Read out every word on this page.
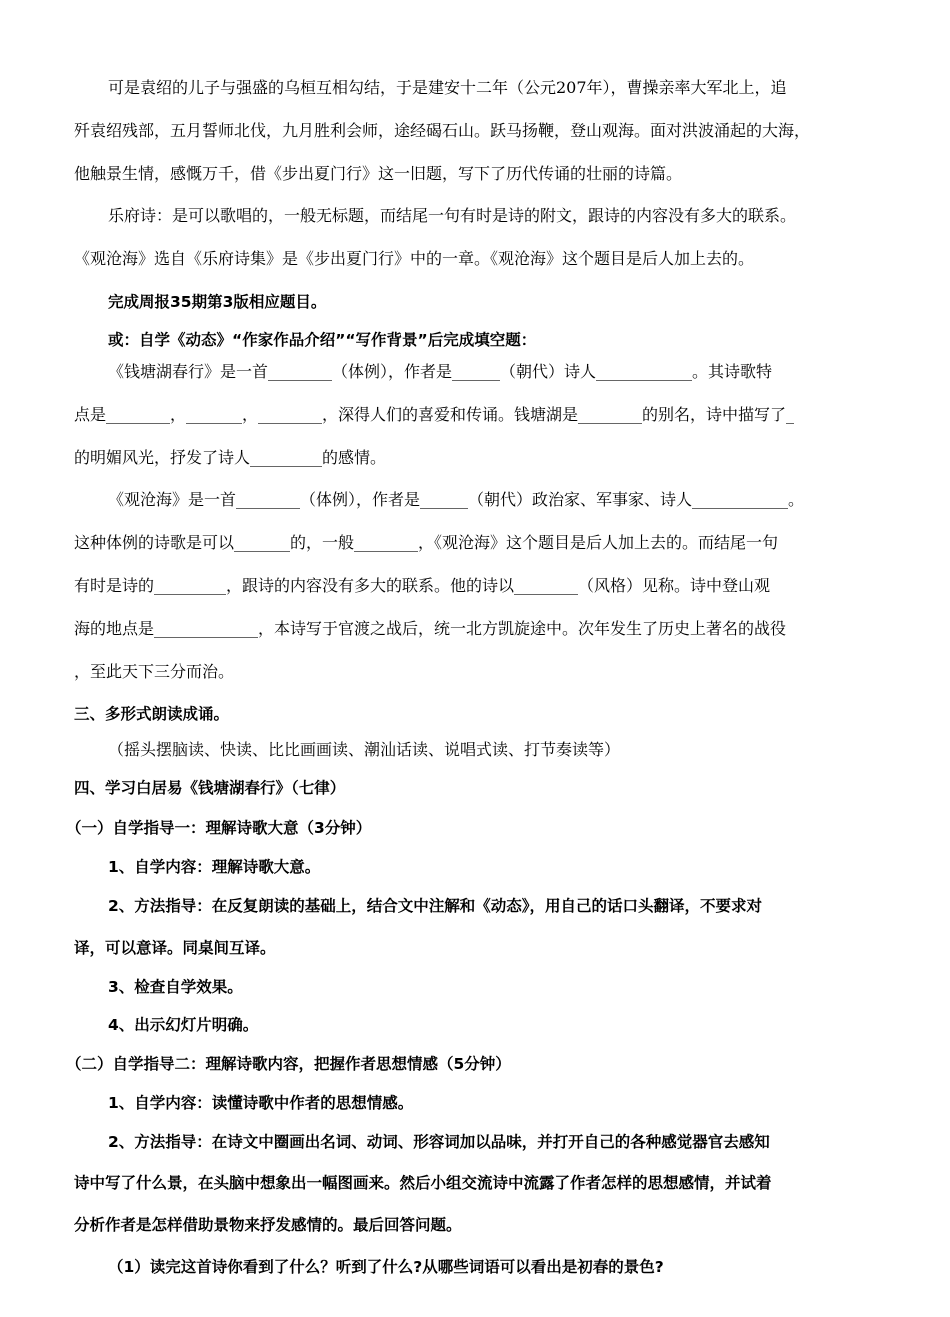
可是袁绍的儿子与强盛的乌桓互相勾结，于是建安十二年（公元207年），曹操亲率大军北上，追
歼袁绍残部，五月誓师北伐，九月胜利会师，途经碣石山。跃马扬鞭，登山观海。面对洪波涌起的大海，
他触景生情，感慨万千，借《步出夏门行》这一旧题，写下了历代传诵的壮丽的诗篇。
乐府诗：是可以歌唱的，一般无标题，而结尾一句有时是诗的附文，跟诗的内容没有多大的联系。
《观沧海》选自《乐府诗集》是《步出夏门行》中的一章。《观沧海》这个题目是后人加上去的。
完成周报35期第3版相应题目。
或：自学《动态》“作家作品介绍”“写作背景”后完成填空题：
《钱塘湖春行》是一首________（体例），作者是______（朝代）诗人____________。其诗歌特
点是________，_______，________，深得人们的喜爱和传诵。钱塘湖是________的别名，诗中描写了_
的明媚风光，抒发了诗人_________的感情。
《观沧海》是一首________（体例），作者是______（朝代）政治家、军事家、诗人____________。
这种体例的诗歌是可以_______的，一般________，《观沧海》这个题目是后人加上去的。而结尾一句
有时是诗的_________，跟诗的内容没有多大的联系。他的诗以________（风格）见称。诗中登山观
海的地点是_____________，本诗写于官渡之战后，统一北方凯旋途中。次年发生了历史上著名的战役
，至此天下三分而治。
三、多形式朗读成诵。
（摇头摆脑读、快读、比比画画读、潮汕话读、说唱式读、打节奏读等）
四、学习白居易《钱塘湖春行》（七律）
（一）自学指导一：理解诗歌大意（3分钟）
1、自学内容：理解诗歌大意。
2、方法指导：在反复朗读的基础上，结合文中注解和《动态》，用自己的话口头翻译，不要求对
译，可以意译。同桌间互译。
3、检查自学效果。
4、出示幻灯片明确。
（二）自学指导二：理解诗歌内容，把握作者思想情感（5分钟）
1、自学内容：读懂诗歌中作者的思想情感。
2、方法指导：在诗文中圈画出名词、动词、形容词加以品味，并打开自己的各种感觉器官去感知
诗中写了什么景，在头脑中想象出一幅图画来。然后小组交流诗中流露了作者怎样的思想感情，并试着
分析作者是怎样借助景物来抒发感情的。最后回答问题。
（1）读完这首诗你看到了什么？听到了什么?从哪些词语可以看出是初春的景色?
